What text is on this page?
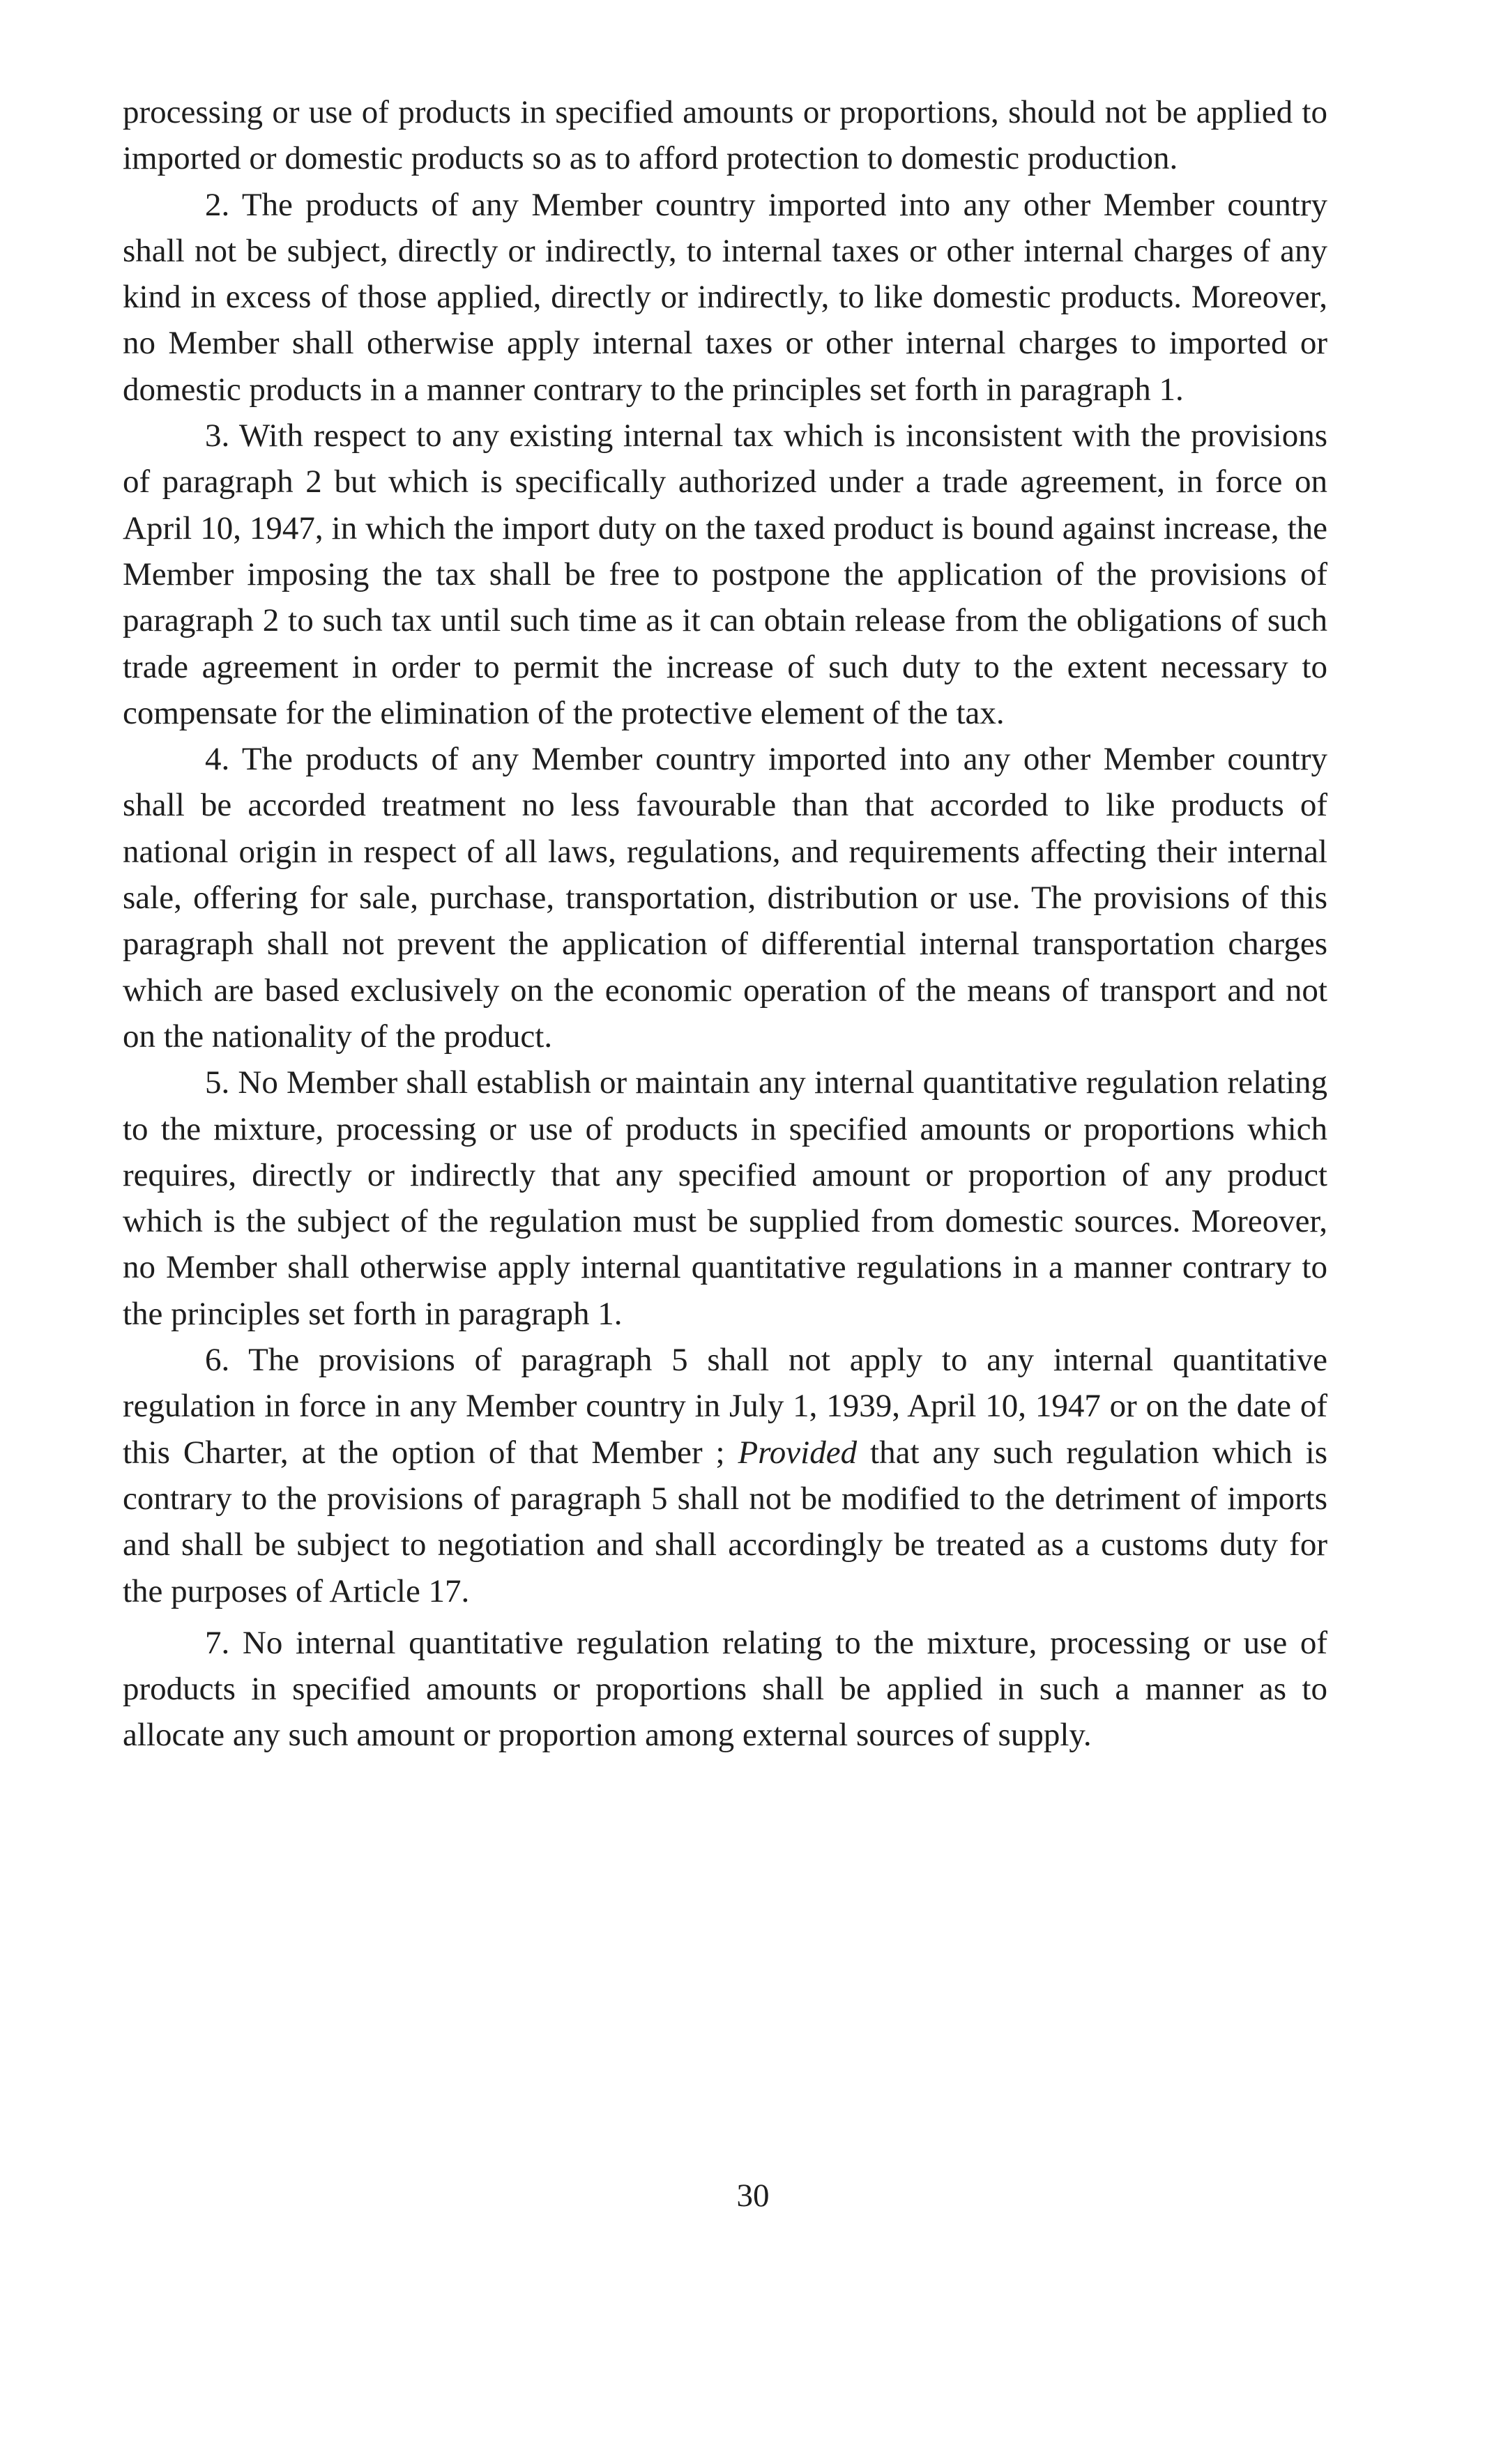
processing or use of products in specified amounts or proportions, should not be applied to imported or domestic products so as to afford protection to domestic production.

2. The products of any Member country imported into any other Member country shall not be subject, directly or indirectly, to internal taxes or other internal charges of any kind in excess of those applied, directly or indirectly, to like domestic products. Moreover, no Member shall otherwise apply internal taxes or other internal charges to imported or domestic products in a manner contrary to the principles set forth in paragraph 1.

3. With respect to any existing internal tax which is inconsistent with the provisions of paragraph 2 but which is specifically authorized under a trade agreement, in force on April 10, 1947, in which the import duty on the taxed product is bound against increase, the Member imposing the tax shall be free to postpone the application of the provisions of paragraph 2 to such tax until such time as it can obtain release from the obligations of such trade agreement in order to permit the increase of such duty to the extent necessary to compensate for the elimination of the protective element of the tax.

4. The products of any Member country imported into any other Member country shall be accorded treatment no less favourable than that accorded to like products of national origin in respect of all laws, regulations, and requirements affecting their internal sale, offering for sale, purchase, transportation, distribution or use. The provisions of this paragraph shall not prevent the application of differential internal transportation charges which are based exclusively on the economic operation of the means of transport and not on the nationality of the product.

5. No Member shall establish or maintain any internal quantitative regulation relating to the mixture, processing or use of products in specified amounts or proportions which requires, directly or indirectly that any specified amount or proportion of any product which is the subject of the regulation must be supplied from domestic sources. Moreover, no Member shall otherwise apply internal quantitative regulations in a manner contrary to the principles set forth in paragraph 1.

6. The provisions of paragraph 5 shall not apply to any internal quantitative regulation in force in any Member country in July 1, 1939, April 10, 1947 or on the date of this Charter, at the option of that Member ; Provided that any such regulation which is contrary to the provisions of paragraph 5 shall not be modified to the detriment of imports and shall be subject to negotiation and shall accordingly be treated as a customs duty for the purposes of Article 17.

7. No internal quantitative regulation relating to the mixture, processing or use of products in specified amounts or proportions shall be applied in such a manner as to allocate any such amount or proportion among external sources of supply.

30
